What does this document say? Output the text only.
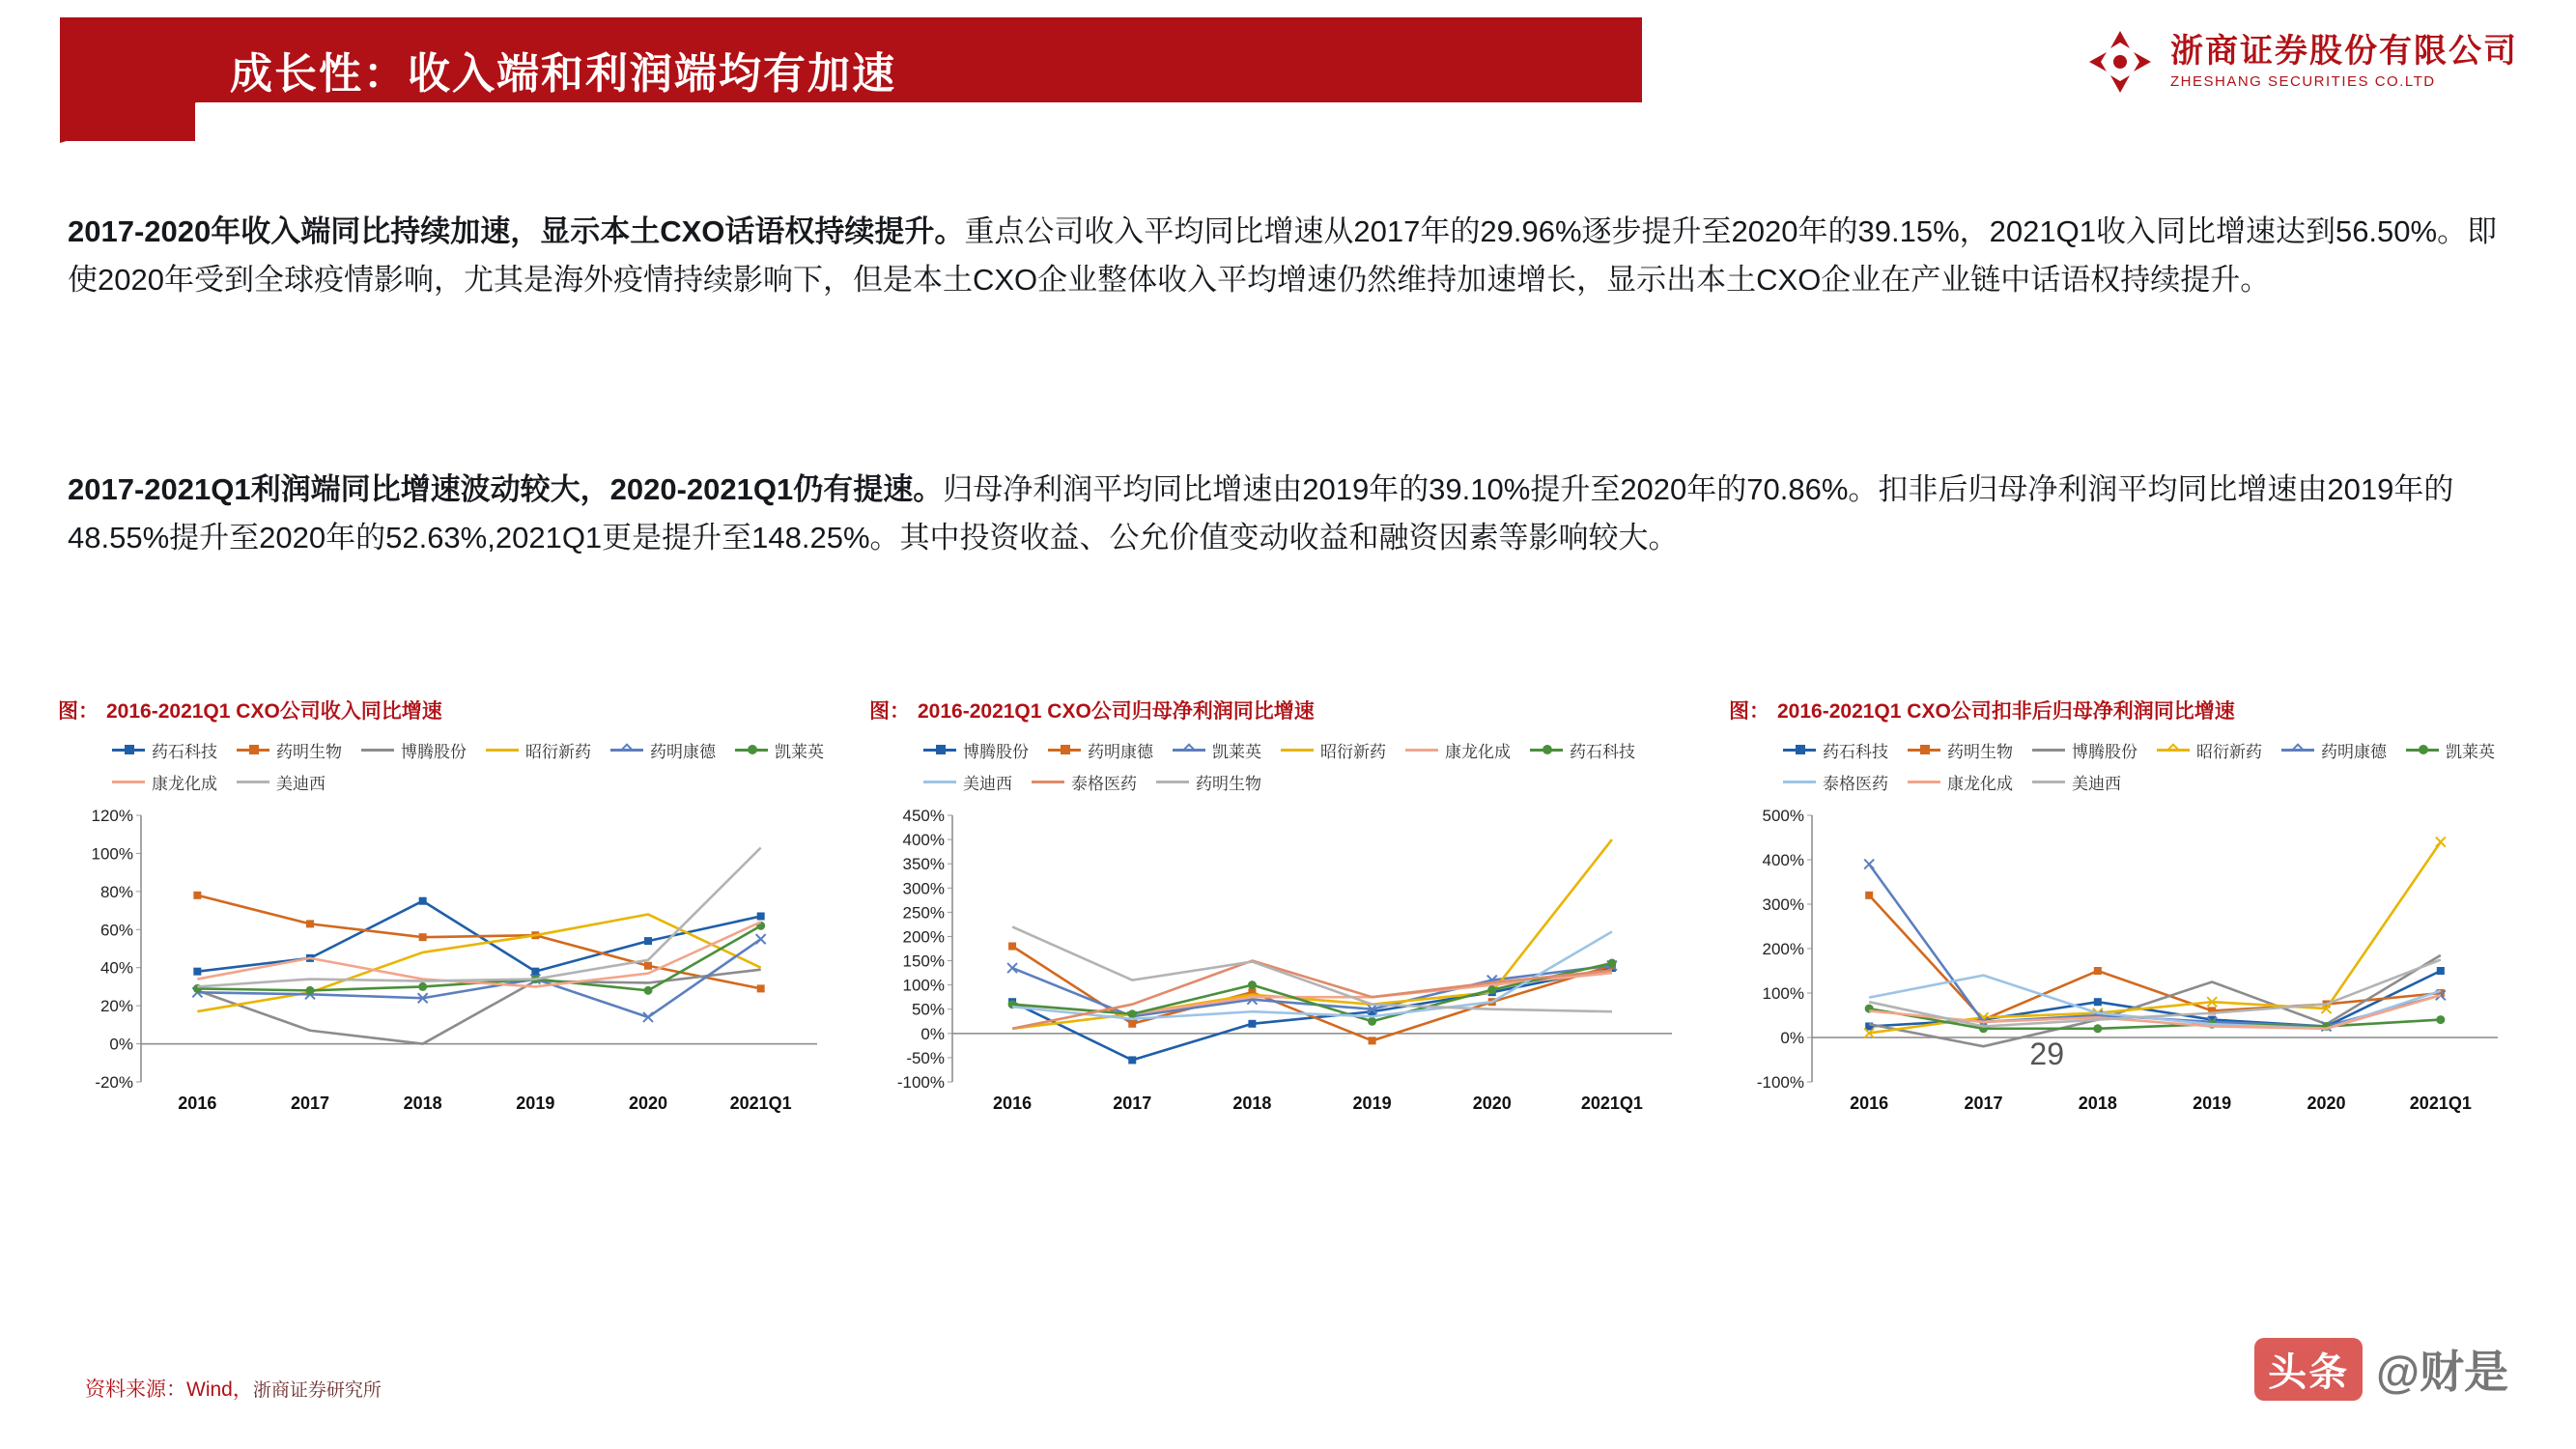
成长性：收入端和利润端均有加速	浙商证券股份有限公司
ZHESHANG SECURITIES CO.LTD
2017-2020年收入端同比持续加速，显示本土CXO话语权持续提升。重点公司收入平均同比增速从2017年的29.96%逐步提升至2020年的39.15%，2021Q1收入同比增速达到56.50%。即使2020年受到全球疫情影响，尤其是海外疫情持续影响下，但是本土CXO企业整体收入平均增速仍然维持加速增长，显示出本土CXO企业在产业链中话语权持续提升。
2017-2021Q1利润端同比增速波动较大，2020-2021Q1仍有提速。归母净利润平均同比增速由2019年的39.10%提升至2020年的70.86%。扣非后归母净利润平均同比增速由2019年的48.55%提升至2020年的52.63%,2021Q1更是提升至148.25%。其中投资收益、公允价值变动收益和融资因素等影响较大。
图： 2016-2021Q1 CXO公司收入同比增速
药石科技	药明生物	博腾股份	昭衍新药	药明康德	凯莱英
康龙化成	美迪西
-20%
0%
20%
40%
60%
80%
100%
120%
2016	2017	2018	2019	2020	2021Q1
图： 2016-2021Q1 CXO公司归母净利润同比增速
博腾股份	药明康德	凯莱英	昭衍新药	康龙化成	药石科技
美迪西	泰格医药	药明生物
-100%
-50%
0%
50%
100%
150%
200%
250%
300%
350%
400%
450%
2016	2017	2018	2019	2020	2021Q1
图： 2016-2021Q1 CXO公司扣非后归母净利润同比增速
药石科技	药明生物	博腾股份	昭衍新药	药明康德	凯莱英
泰格医药	康龙化成	美迪西
-100%
0%
100%
200%
300%
400%
500%
2016	2017	2018	2019	2020	2021Q1
29
资料来源：Wind，浙商证券研究所	头条 @财是
